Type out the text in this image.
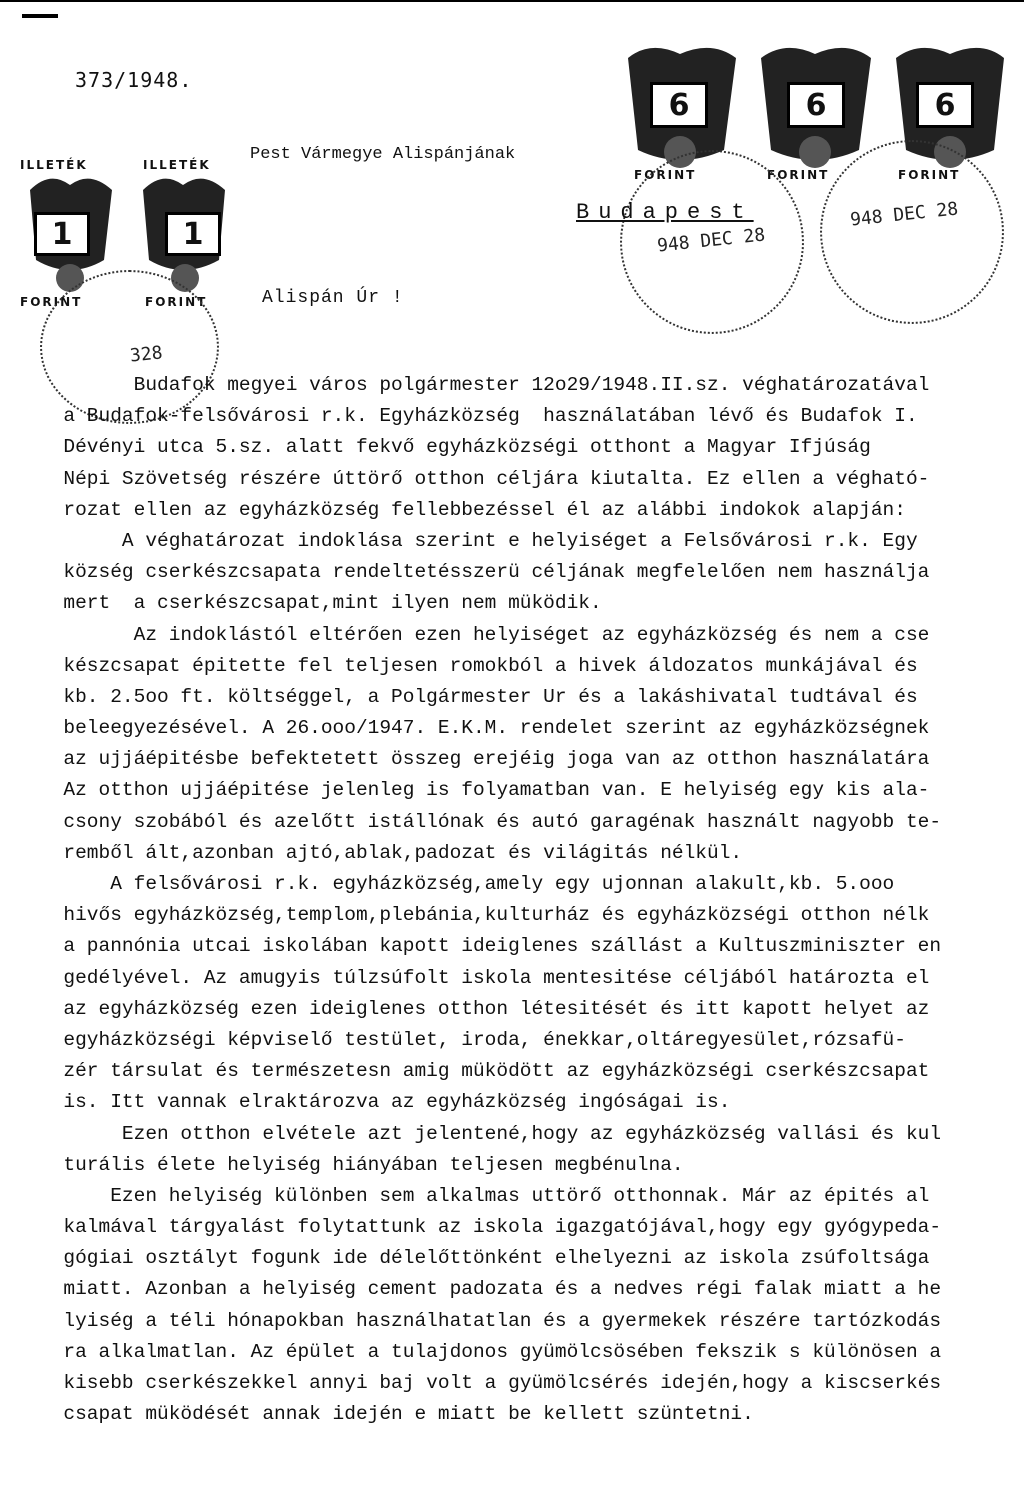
373/1948.
ILLETÉK
1
FORINT
ILLETÉK
1
FORINT
6
FORINT
6
FORINT
6
FORINT
948 DEC 28
948 DEC 28
328
Pest Vármegye Alispánjának
Budapest
Alispán Úr !
Budafok megyei város polgármester 12o29/1948.II.sz. véghatározatával
a Budafok-felsővárosi r.k. Egyházközség  használatában lévő és Budafok I.
Dévényi utca 5.sz. alatt fekvő egyházközségi otthont a Magyar Ifjúság
Népi Szövetség részére úttörő otthon céljára kiutalta. Ez ellen a végható-
rozat ellen az egyházközség fellebbezéssel él az alábbi indokok alapján:
A véghatározat indoklása szerint e helyiséget a Felsővárosi r.k. Egy
község cserkészcsapata rendeltetésszerü céljának megfelelően nem használja
mert  a cserkészcsapat,mint ilyen nem müködik.
Az indoklástól eltérően ezen helyiséget az egyházközség és nem a cse
készcsapat épitette fel teljesen romokból a hivek áldozatos munkájával és
kb. 2.5oo ft. költséggel, a Polgármester Ur és a lakáshivatal tudtával és
beleegyezésével. A 26.ooo/1947. E.K.M. rendelet szerint az egyházközségnek
az ujjáépitésbe befektetett összeg erejéig joga van az otthon használatára
Az otthon ujjáépitése jelenleg is folyamatban van. E helyiség egy kis ala-
csony szobából és azelőtt istállónak és autó garagénak használt nagyobb te-
remből ált,azonban ajtó,ablak,padozat és világitás nélkül.
A felsővárosi r.k. egyházközség,amely egy ujonnan alakult,kb. 5.ooo
hivős egyházközség,templom,plebánia,kulturház és egyházközségi otthon nélk
a pannónia utcai iskolában kapott ideiglenes szállást a Kultuszminiszter en
gedélyével. Az amugyis túlzsúfolt iskola mentesitése céljából határozta el
az egyházközség ezen ideiglenes otthon létesitését és itt kapott helyet az
egyházközségi képviselő testület, iroda, énekkar,oltáregyesület,rózsafü-
zér társulat és természetesn amig müködött az egyházközségi cserkészcsapat
is. Itt vannak elraktározva az egyházközség ingóságai is.
Ezen otthon elvétele azt jelentené,hogy az egyházközség vallási és kul
turális élete helyiség hiányában teljesen megbénulna.
Ezen helyiség különben sem alkalmas uttörő otthonnak. Már az épités al
kalmával tárgyalást folytattunk az iskola igazgatójával,hogy egy gyógypeda-
gógiai osztályt fogunk ide délelőttönként elhelyezni az iskola zsúfoltsága
miatt. Azonban a helyiség cement padozata és a nedves régi falak miatt a he
lyiség a téli hónapokban használhatatlan és a gyermekek részére tartózkodás
ra alkalmatlan. Az épület a tulajdonos gyümölcsösében fekszik s különösen a
kisebb cserkészekkel annyi baj volt a gyümölcsérés idején,hogy a kiscserkés
csapat müködését annak idején e miatt be kellett szüntetni.
